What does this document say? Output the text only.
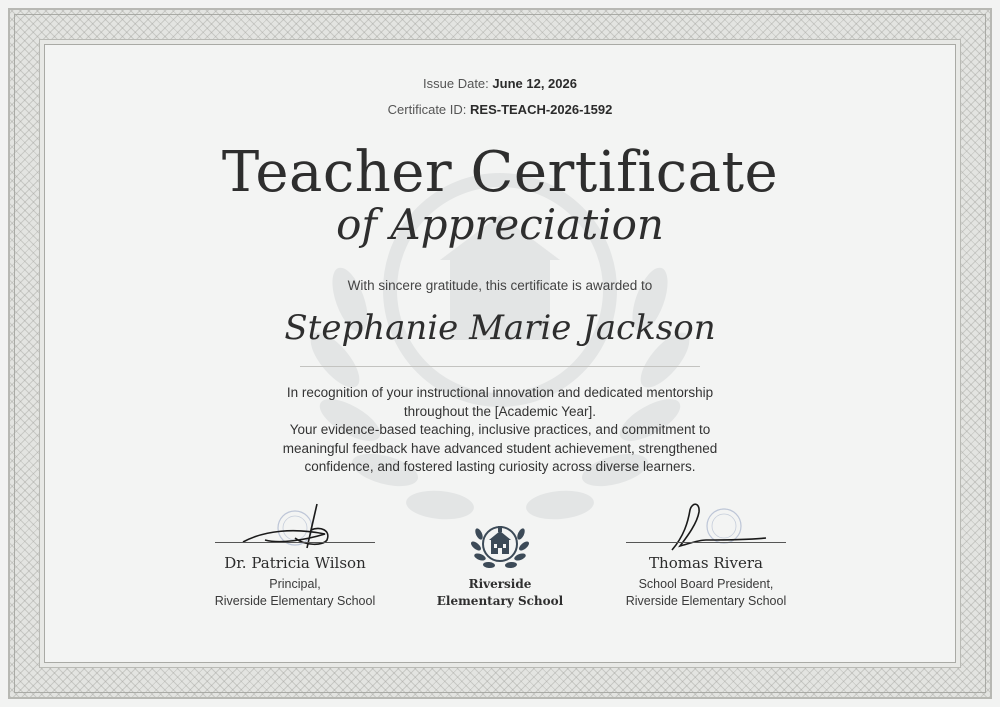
Issue Date: June 12, 2026
Certificate ID: RES-TEACH-2026-1592
Teacher Certificate
of Appreciation
With sincere gratitude, this certificate is awarded to
Stephanie Marie Jackson
In recognition of your instructional innovation and dedicated mentorship
throughout the [Academic Year].
Your evidence-based teaching, inclusive practices, and commitment to
meaningful feedback have advanced student achievement, strengthened
confidence, and fostered lasting curiosity across diverse learners.
Dr. Patricia Wilson
Principal,
Riverside Elementary School
Riverside
Elementary School
Thomas Rivera
School Board President,
Riverside Elementary School
